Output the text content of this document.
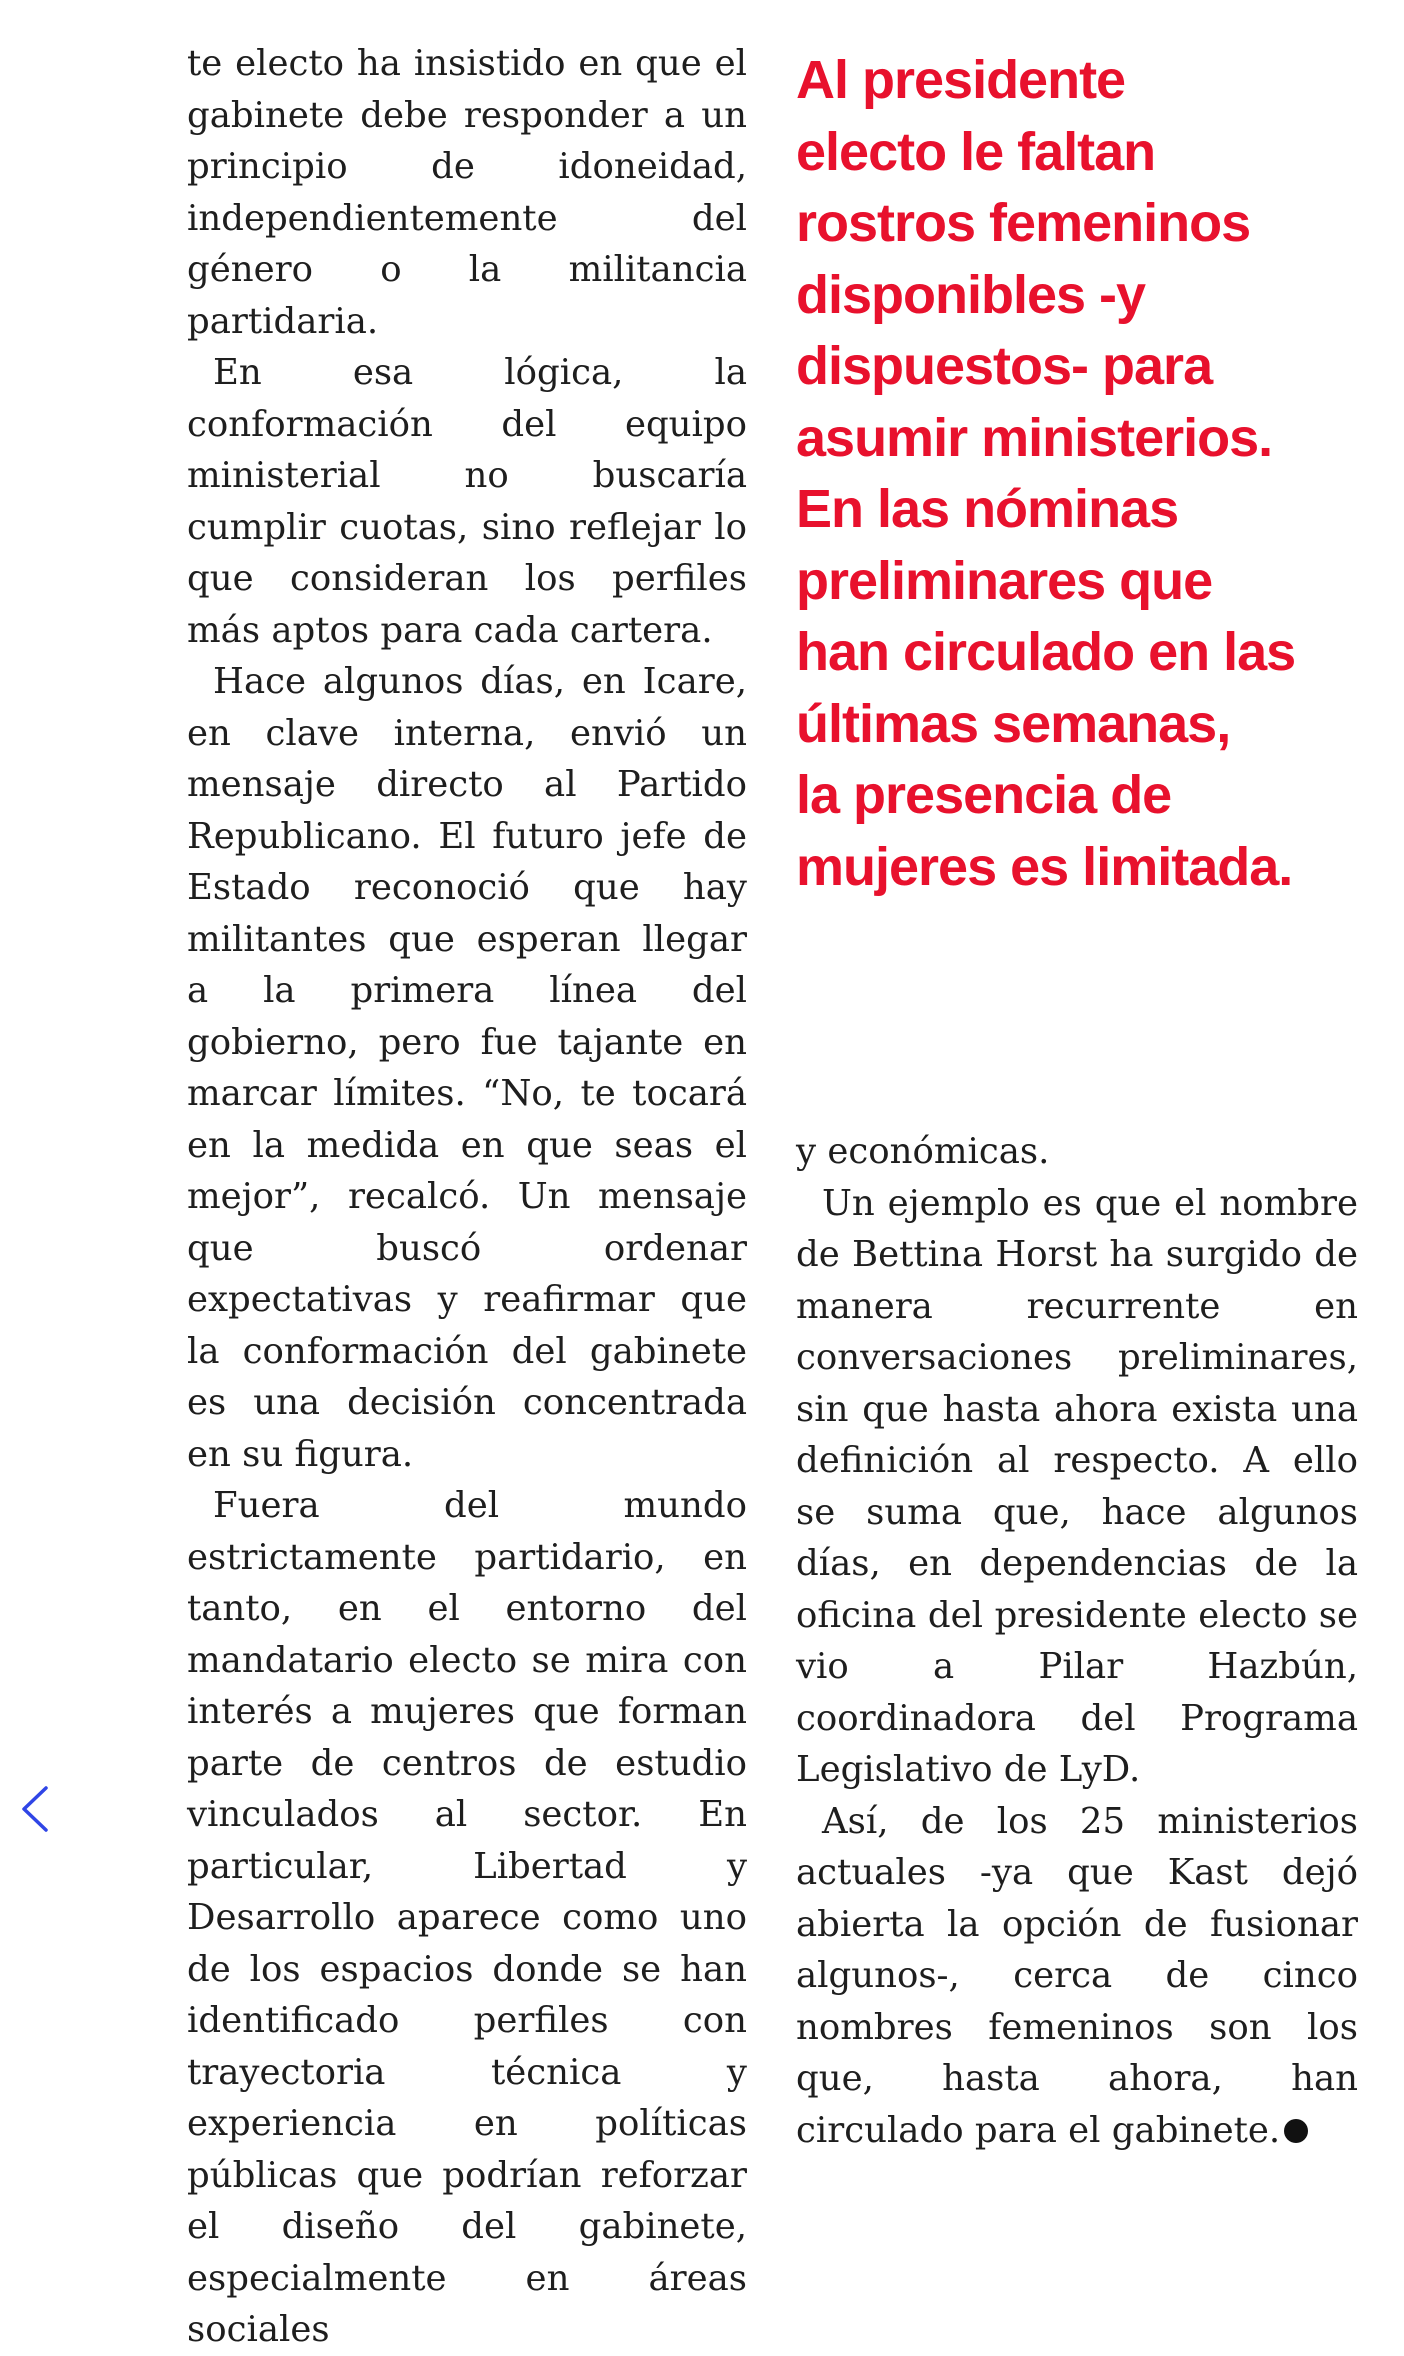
te electo ha insistido en que el gabinete debe responder a un principio de idoneidad, independientemente del género o la militancia partidaria.

En esa lógica, la conformación del equipo ministerial no buscaría cumplir cuotas, sino reflejar lo que consideran los perfiles más aptos para cada cartera.

Hace algunos días, en Icare, en clave interna, envió un mensaje directo al Partido Republicano. El futuro jefe de Estado reconoció que hay militantes que esperan llegar a la primera línea del gobierno, pero fue tajante en marcar límites. “No, te tocará en la medida en que seas el mejor”, recalcó. Un mensaje que buscó ordenar expectativas y reafirmar que la conformación del gabinete es una decisión concentrada en su figura.

Fuera del mundo estrictamente partidario, en tanto, en el entorno del mandatario electo se mira con interés a mujeres que forman parte de centros de estudio vinculados al sector. En particular, Libertad y Desarrollo aparece como uno de los espacios donde se han identificado perfiles con trayectoria técnica y experiencia en políticas públicas que podrían reforzar el diseño del gabinete, especialmente en áreas sociales

Al presidente
electo le faltan
rostros femeninos
disponibles -y
dispuestos- para
asumir ministerios.
En las nóminas
preliminares que
han circulado en las
últimas semanas,
la presencia de
mujeres es limitada.

y económicas.

Un ejemplo es que el nombre de Bettina Horst ha surgido de manera recurrente en conversaciones preliminares, sin que hasta ahora exista una definición al respecto. A ello se suma que, hace algunos días, en dependencias de la oficina del presidente electo se vio a Pilar Hazbún, coordinadora del Programa Legislativo de LyD.

Así, de los 25 ministerios actuales -ya que Kast dejó abierta la opción de fusionar algunos-, cerca de cinco nombres femeninos son los que, hasta ahora, han circulado para el gabinete.
